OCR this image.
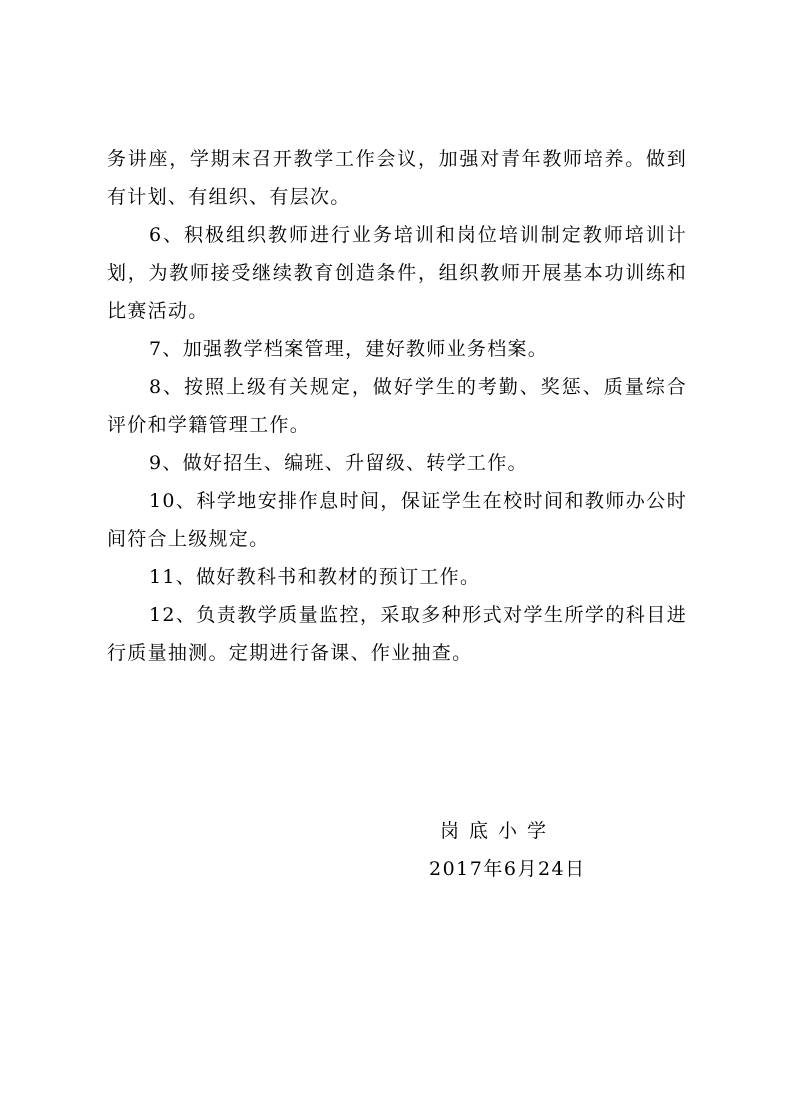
务讲座，学期末召开教学工作会议，加强对青年教师培养。做到有计划、有组织、有层次。

6、积极组织教师进行业务培训和岗位培训制定教师培训计划，为教师接受继续教育创造条件，组织教师开展基本功训练和比赛活动。

7、加强教学档案管理，建好教师业务档案。

8、按照上级有关规定，做好学生的考勤、奖惩、质量综合评价和学籍管理工作。

9、做好招生、编班、升留级、转学工作。

10、科学地安排作息时间，保证学生在校时间和教师办公时间符合上级规定。

11、做好教科书和教材的预订工作。

12、负责教学质量监控，采取多种形式对学生所学的科目进行质量抽测。定期进行备课、作业抽查。

岗底小学
2017年6月24日
